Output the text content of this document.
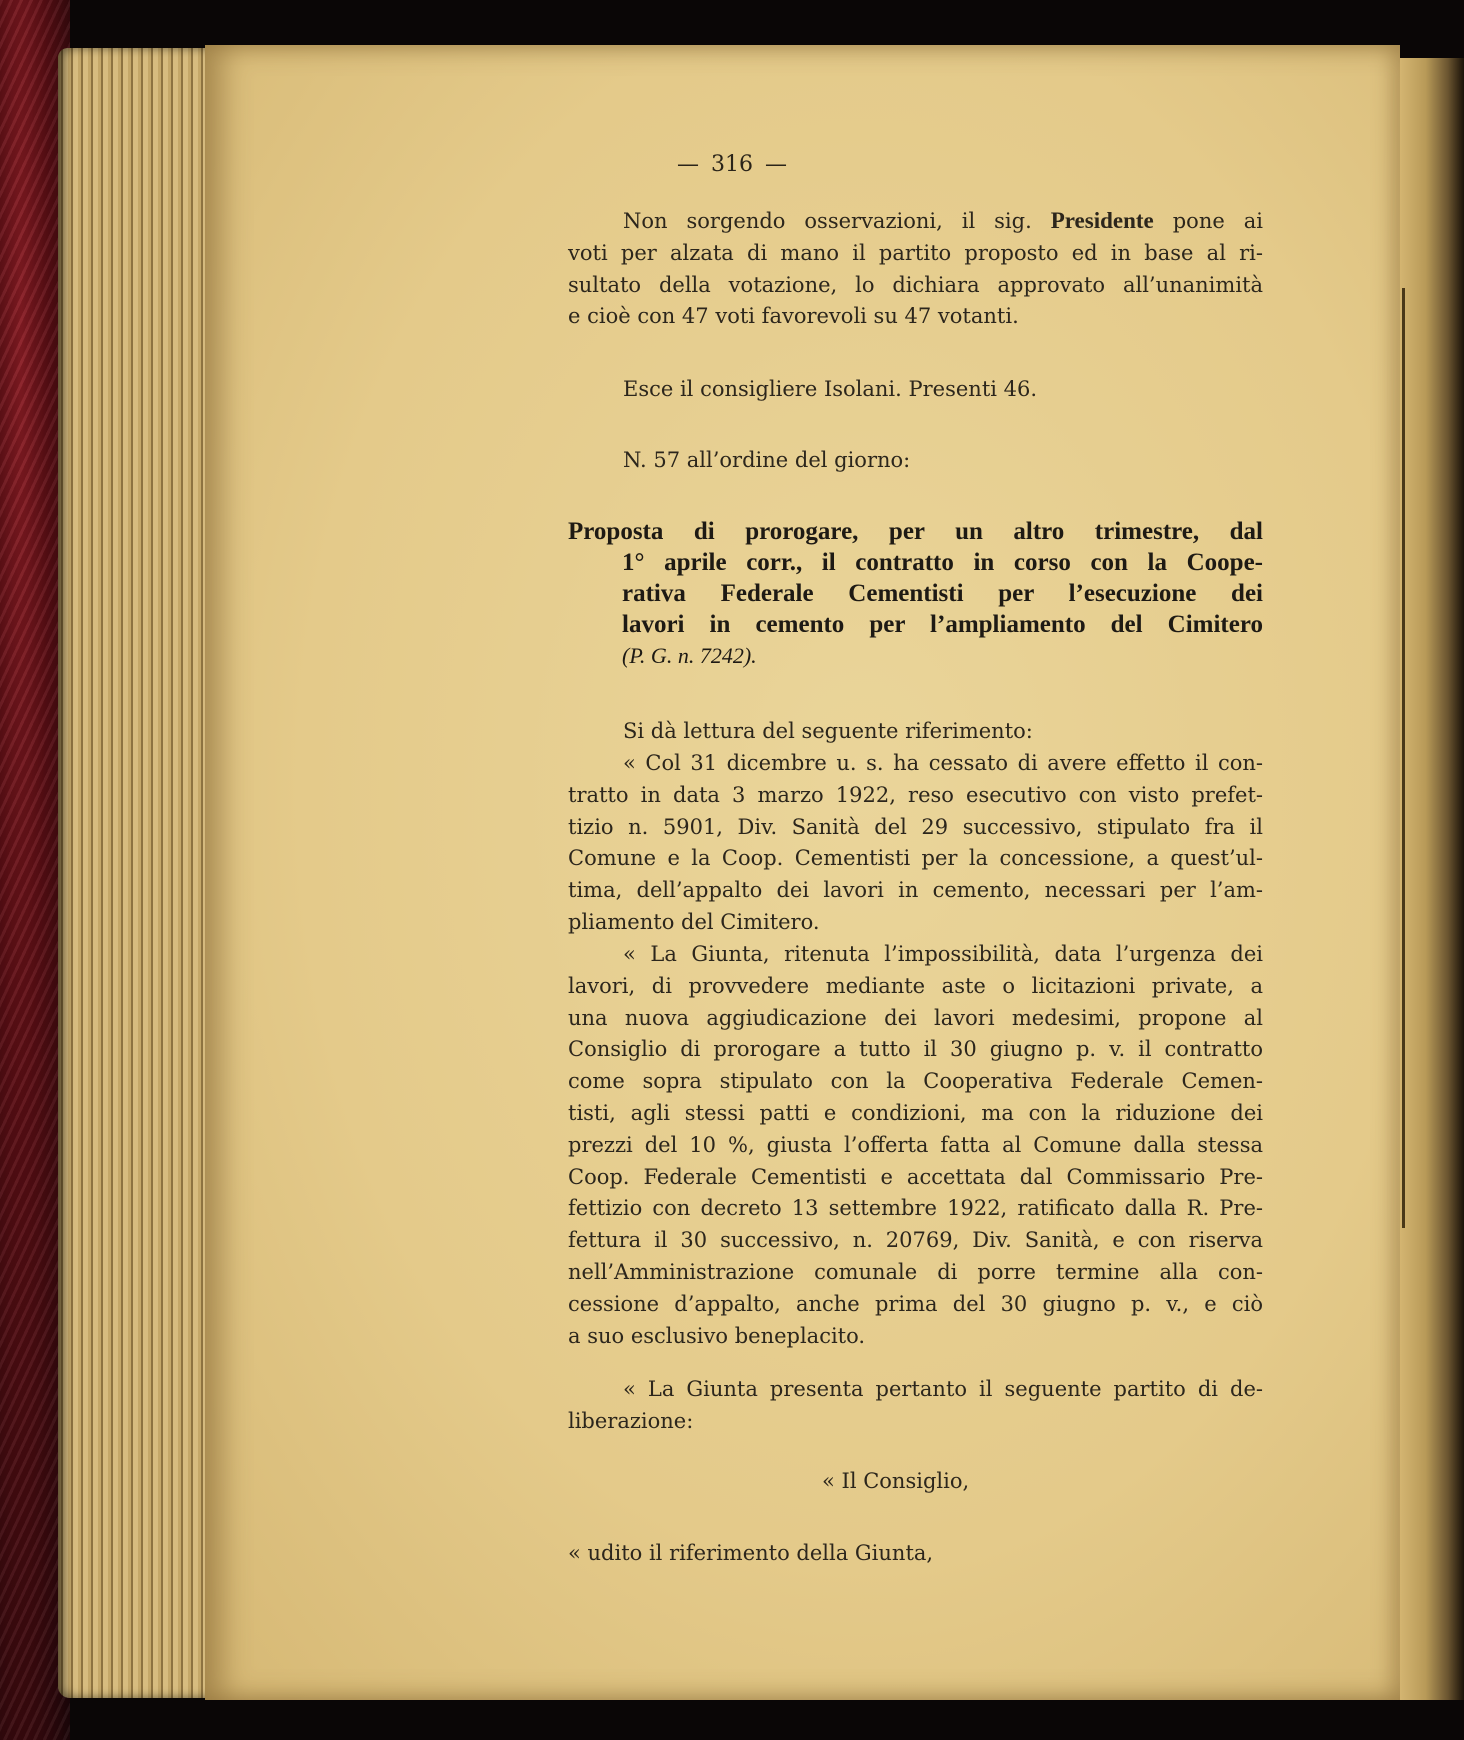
— 316 —
Non sorgendo osservazioni, il sig. Presidente pone ai
voti per alzata di mano il partito proposto ed in base al ri-
sultato della votazione, lo dichiara approvato all’unanimità
e cioè con 47 voti favorevoli su 47 votanti.
Esce il consigliere Isolani. Presenti 46.
N. 57 all’ordine del giorno:
Proposta di prorogare, per un altro trimestre, dal
1° aprile corr., il contratto in corso con la Coope-
rativa Federale Cementisti per l’esecuzione dei
lavori in cemento per l’ampliamento del Cimitero
(P. G. n. 7242).
Si dà lettura del seguente riferimento:
« Col 31 dicembre u. s. ha cessato di avere effetto il con-
tratto in data 3 marzo 1922, reso esecutivo con visto prefet-
tizio n. 5901, Div. Sanità del 29 successivo, stipulato fra il
Comune e la Coop. Cementisti per la concessione, a quest’ul-
tima, dell’appalto dei lavori in cemento, necessari per l’am-
pliamento del Cimitero.
« La Giunta, ritenuta l’impossibilità, data l’urgenza dei
lavori, di provvedere mediante aste o licitazioni private, a
una nuova aggiudicazione dei lavori medesimi, propone al
Consiglio di prorogare a tutto il 30 giugno p. v. il contratto
come sopra stipulato con la Cooperativa Federale Cemen-
tisti, agli stessi patti e condizioni, ma con la riduzione dei
prezzi del 10 %, giusta l’offerta fatta al Comune dalla stessa
Coop. Federale Cementisti e accettata dal Commissario Pre-
fettizio con decreto 13 settembre 1922, ratificato dalla R. Pre-
fettura il 30 successivo, n. 20769, Div. Sanità, e con riserva
nell’Amministrazione comunale di porre termine alla con-
cessione d’appalto, anche prima del 30 giugno p. v., e ciò
a suo esclusivo beneplacito.
« La Giunta presenta pertanto il seguente partito di de-
liberazione:
« Il Consiglio,
« udito il riferimento della Giunta,
